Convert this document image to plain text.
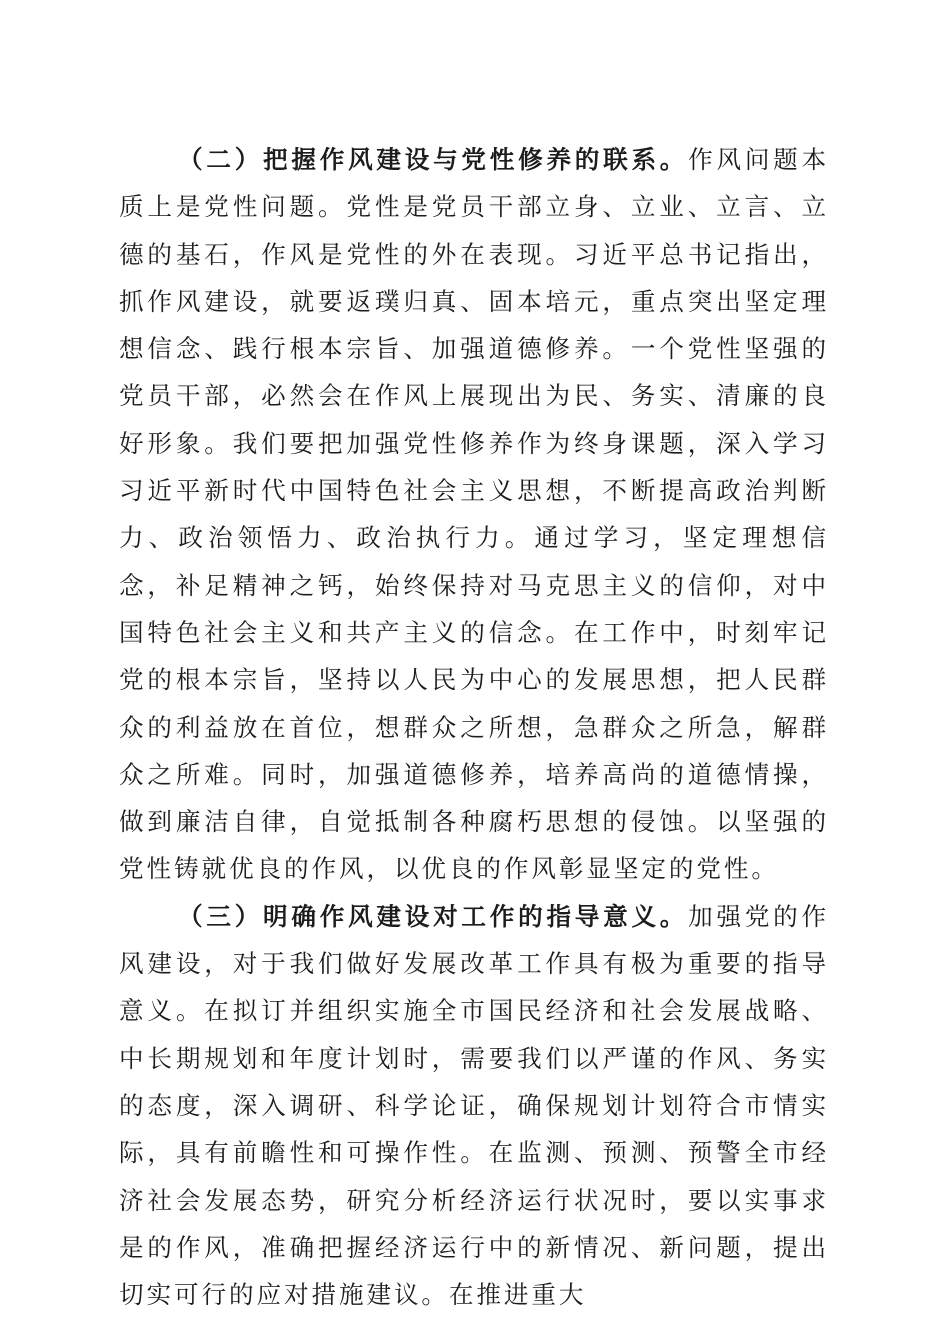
（二）把握作风建设与党性修养的联系。作风问题本质上是党性问题。党性是党员干部立身、立业、立言、立德的基石，作风是党性的外在表现。习近平总书记指出，抓作风建设，就要返璞归真、固本培元，重点突出坚定理想信念、践行根本宗旨、加强道德修养。一个党性坚强的党员干部，必然会在作风上展现出为民、务实、清廉的良好形象。我们要把加强党性修养作为终身课题，深入学习习近平新时代中国特色社会主义思想，不断提高政治判断力、政治领悟力、政治执行力。通过学习，坚定理想信念，补足精神之钙，始终保持对马克思主义的信仰，对中国特色社会主义和共产主义的信念。在工作中，时刻牢记党的根本宗旨，坚持以人民为中心的发展思想，把人民群众的利益放在首位，想群众之所想，急群众之所急，解群众之所难。同时，加强道德修养，培养高尚的道德情操，做到廉洁自律，自觉抵制各种腐朽思想的侵蚀。以坚强的党性铸就优良的作风，以优良的作风彰显坚定的党性。

（三）明确作风建设对工作的指导意义。加强党的作风建设，对于我们做好发展改革工作具有极为重要的指导意义。在拟订并组织实施全市国民经济和社会发展战略、中长期规划和年度计划时，需要我们以严谨的作风、务实的态度，深入调研、科学论证，确保规划计划符合市情实际，具有前瞻性和可操作性。在监测、预测、预警全市经济社会发展态势，研究分析经济运行状况时，要以实事求是的作风，准确把握经济运行中的新情况、新问题，提出切实可行的应对措施建议。在推进重大
